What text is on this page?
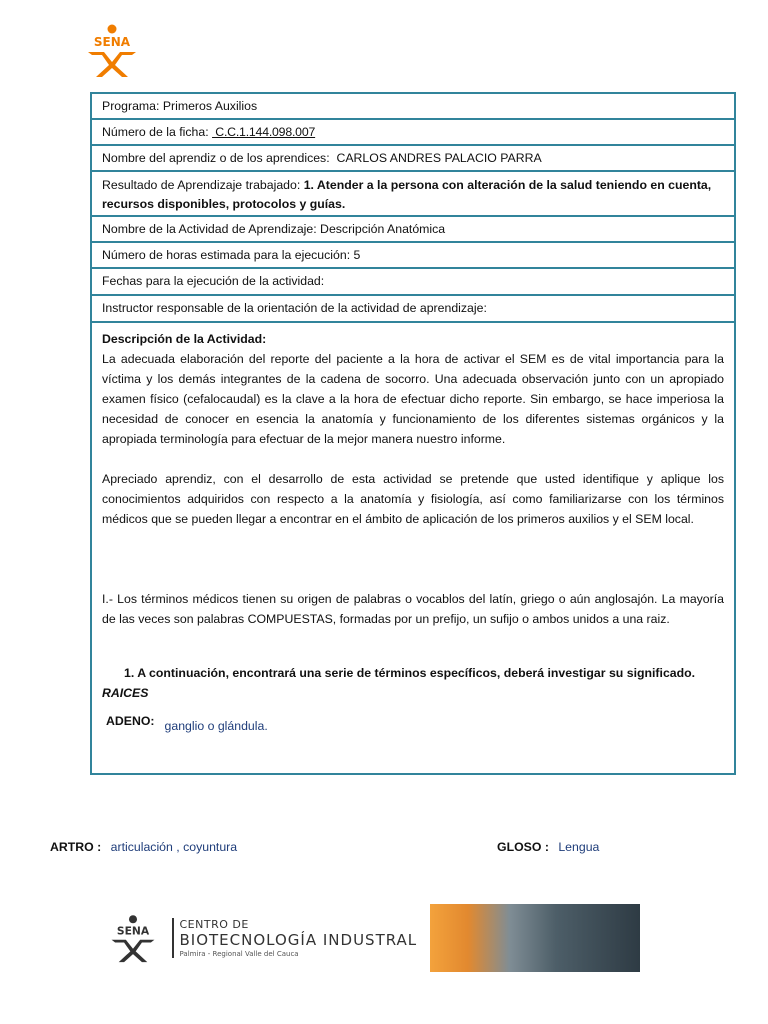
SENA
Programa: Primeros Auxilios
Número de la ficha: C.C.1.144.098.007
Nombre del aprendiz o de los aprendices: CARLOS ANDRES PALACIO PARRA
Resultado de Aprendizaje trabajado: 1. Atender a la persona con alteración de la salud teniendo en cuenta, recursos disponibles, protocolos y guías.
Nombre de la Actividad de Aprendizaje: Descripción Anatómica
Número de horas estimada para la ejecución: 5
Fechas para la ejecución de la actividad:
Instructor responsable de la orientación de la actividad de aprendizaje:

Descripción de la Actividad:

La adecuada elaboración del reporte del paciente a la hora de activar el SEM es de vital importancia para la víctima y los demás integrantes de la cadena de socorro. Una adecuada observación junto con un apropiado examen físico (cefalocaudal) es la clave a la hora de efectuar dicho reporte. Sin embargo, se hace imperiosa la necesidad de conocer en esencia la anatomía y funcionamiento de los diferentes sistemas orgánicos y la apropiada terminología para efectuar de la mejor manera nuestro informe.

Apreciado aprendiz, con el desarrollo de esta actividad se pretende que usted identifique y aplique los conocimientos adquiridos con respecto a la anatomía y fisiología, así como familiarizarse con los términos médicos que se pueden llegar a encontrar en el ámbito de aplicación de los primeros auxilios y el SEM local.

I.- Los términos médicos tienen su origen de palabras o vocablos del latín, griego o aún anglosajón. La mayoría de las veces son palabras COMPUESTAS, formadas por un prefijo, un sufijo o ambos unidos a una raiz.

1. A continuación, encontrará una serie de términos específicos, deberá investigar su significado.

RAICES

ADENO: ganglio o glándula.
ARTRO : articulación , coyuntura	GLOSO : Lengua
SENA
CENTRO DE
BIOTECNOLOGÍA INDUSTRAL
Palmira - Regional Valle del Cauca
